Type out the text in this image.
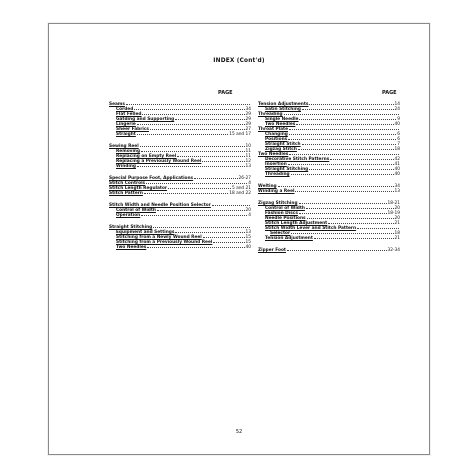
INDEX (Cont'd)
PAGE	PAGE
Seams
Corded	34
Flat Felled	29
Gatding and Supporting	29
Lingerie	29
Sheer Fabrics	27
Straight	15 and 17
Sewing Reel	10
Removing	11
Replacing on Empty Reel	11
Replacing a Previously Wound Reel	12
Winding	13
Special Purpose Foot, Applications	26-27
Stitch Controls	4
Stitch Length Regulator	5 and 21
Stitch Pattern	18 and 22
Stitch Width and Needle Position Selector
Control of Width	20
Operation	4
Straight Stitching
Equipment and Settings	13
Stitching from a Newly Wound Reel	15
Stitching from a Previously Wound Reel	15
Two Needles	40
Tension Adjustments	14
Satin Stitching	24
Threading
Single Needle	9
Two Needles	40
Throat Plate
Changing	6
Positions	6
Straight Stitch	7
Zigzag Stitch	18
Two Needles
Decorative Stitch Patterns	42
Insertion	41
Straight Stitching	40
Threading	40
Welting	34
Winding a Reel	13
Zigzag Stitching	18-21
Control of Width	20
Fashion Discs	18-19
Needle Positions	20
Stitch Length Adjustment	21
Stitch Width Lever and Stitch Pattern
Selector	18
Tension Adjustment	21
Zipper Foot	32-34
52
